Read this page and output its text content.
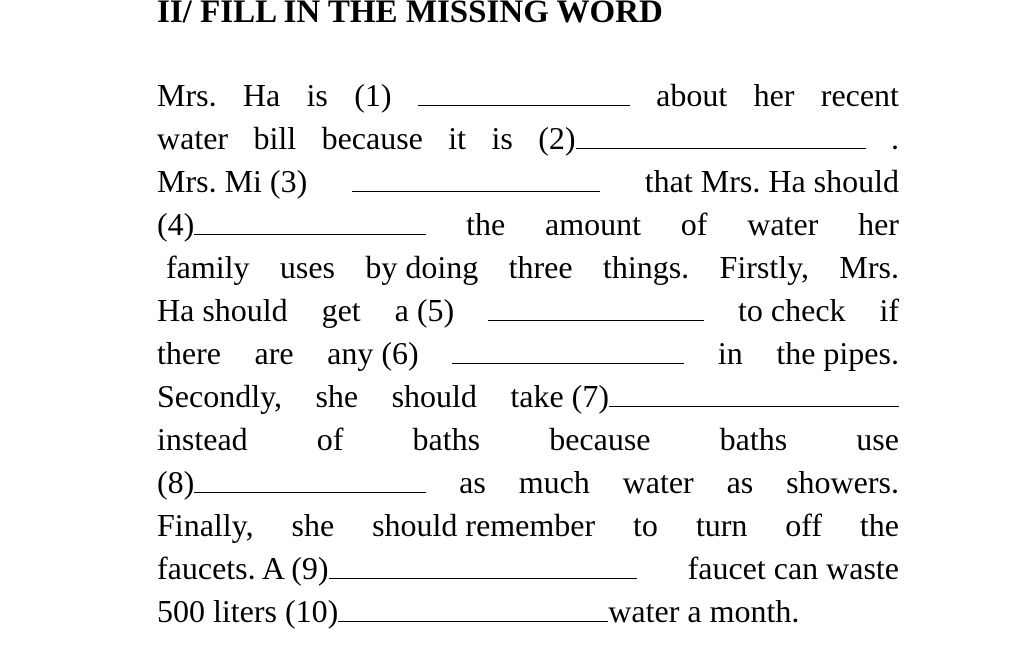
II/ FILL IN THE MISSING WORD
Mrs. Ha is (1)	about her recent
water bill because it is (2)	.
Mrs. Mi (3)	that Mrs. Ha should
(4)	the amount of water her
family uses by doing three things. Firstly, Mrs.
Ha should get a (5)	to check if
there are any (6)	in the pipes.
Secondly, she should take (7)
instead of baths because baths use
(8)	as much water as showers.
Finally, she should remember to turn off the
faucets. A (9)	faucet can waste
500 liters (10)	water a month.
